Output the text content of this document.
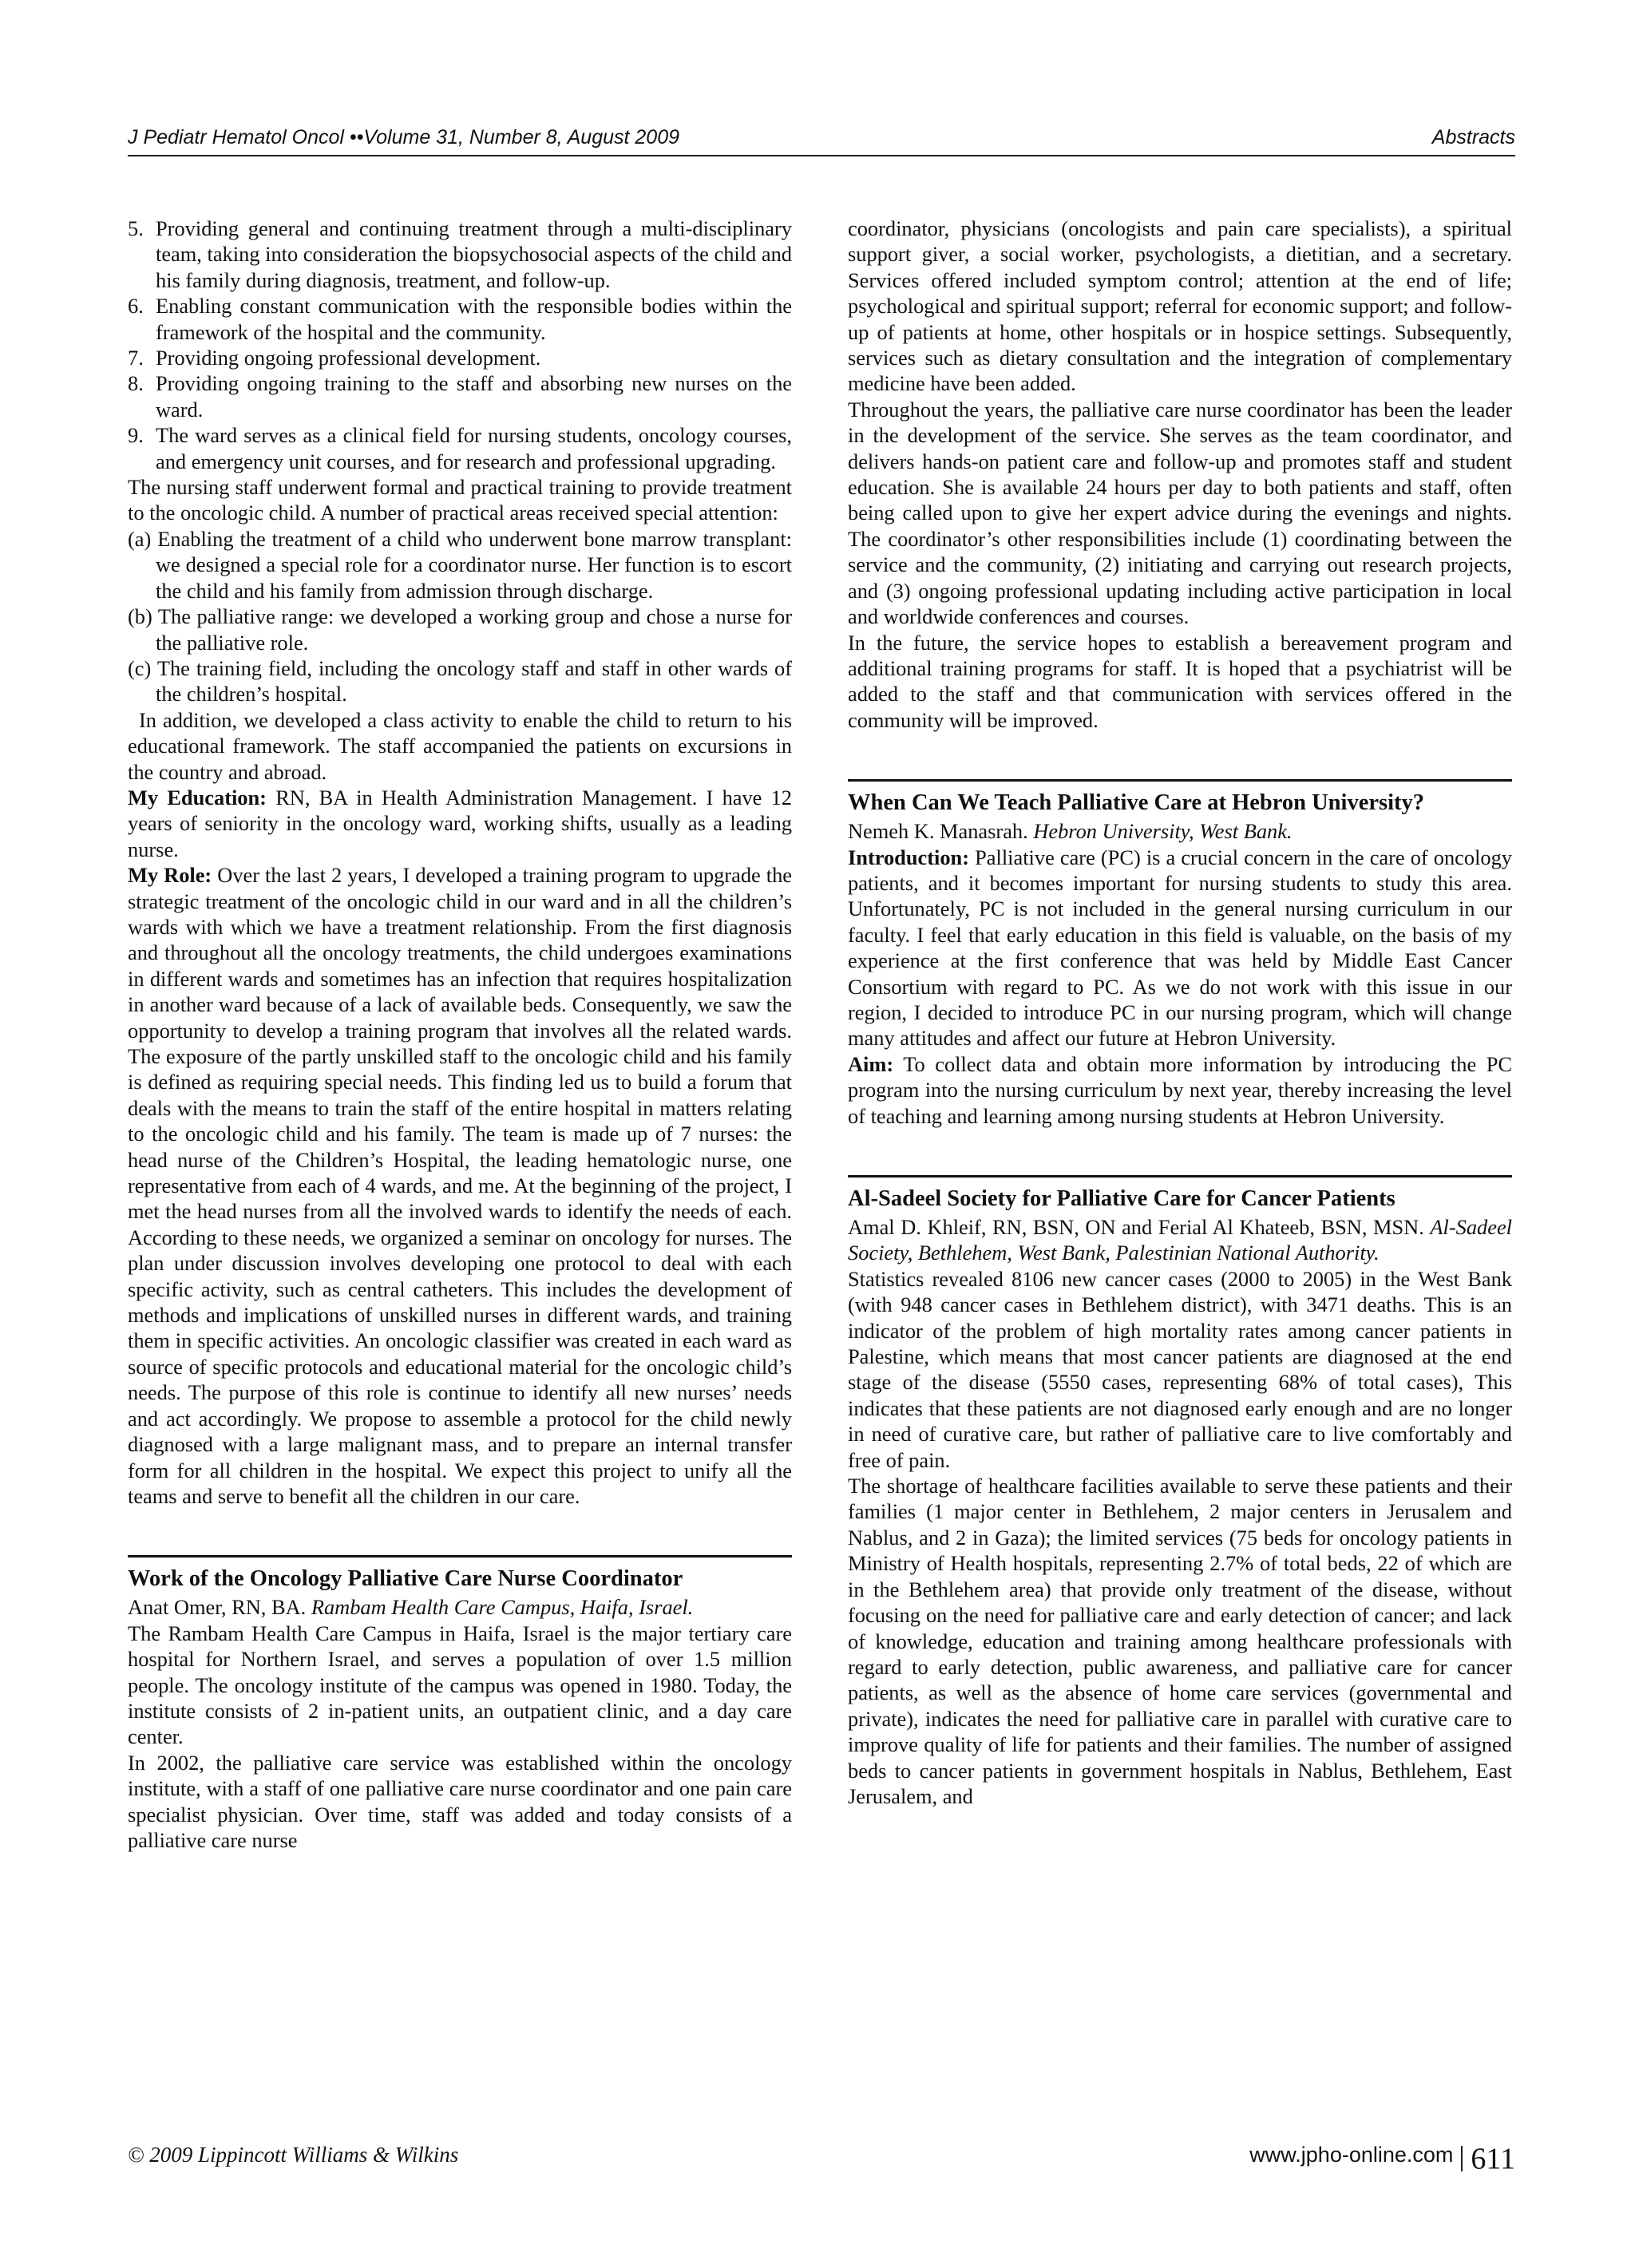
J Pediatr Hematol Oncol ••Volume 31, Number 8, August 2009	Abstracts
5. Providing general and continuing treatment through a multi-disciplinary team, taking into consideration the biopsychosocial aspects of the child and his family during diagnosis, treatment, and follow-up.
6. Enabling constant communication with the responsible bodies within the framework of the hospital and the community.
7. Providing ongoing professional development.
8. Providing ongoing training to the staff and absorbing new nurses on the ward.
9. The ward serves as a clinical field for nursing students, oncology courses, and emergency unit courses, and for research and professional upgrading.

The nursing staff underwent formal and practical training to provide treatment to the oncologic child. A number of practical areas received special attention:

(a) Enabling the treatment of a child who underwent bone marrow transplant: we designed a special role for a coordinator nurse. Her function is to escort the child and his family from admission through discharge.
(b) The palliative range: we developed a working group and chose a nurse for the palliative role.
(c) The training field, including the oncology staff and staff in other wards of the children’s hospital.

In addition, we developed a class activity to enable the child to return to his educational framework. The staff accompanied the patients on excursions in the country and abroad.

My Education: RN, BA in Health Administration Management. I have 12 years of seniority in the oncology ward, working shifts, usually as a leading nurse.

My Role: Over the last 2 years, I developed a training program to upgrade the strategic treatment of the oncologic child in our ward and in all the children’s wards with which we have a treatment relationship. From the first diagnosis and throughout all the oncology treatments, the child undergoes examinations in different wards and sometimes has an infection that requires hospitalization in another ward because of a lack of available beds. Consequently, we saw the opportunity to develop a training program that involves all the related wards. The exposure of the partly unskilled staff to the oncologic child and his family is defined as requiring special needs. This finding led us to build a forum that deals with the means to train the staff of the entire hospital in matters relating to the oncologic child and his family. The team is made up of 7 nurses: the head nurse of the Children’s Hospital, the leading hematologic nurse, one representative from each of 4 wards, and me. At the beginning of the project, I met the head nurses from all the involved wards to identify the needs of each. According to these needs, we organized a seminar on oncology for nurses. The plan under discussion involves developing one protocol to deal with each specific activity, such as central catheters. This includes the development of methods and implications of unskilled nurses in different wards, and training them in specific activities. An oncologic classifier was created in each ward as source of specific protocols and educational material for the oncologic child’s needs. The purpose of this role is continue to identify all new nurses’ needs and act accordingly. We propose to assemble a protocol for the child newly diagnosed with a large malignant mass, and to prepare an internal transfer form for all children in the hospital. We expect this project to unify all the teams and serve to benefit all the children in our care.

Work of the Oncology Palliative Care Nurse Coordinator

Anat Omer, RN, BA. Rambam Health Care Campus, Haifa, Israel.

The Rambam Health Care Campus in Haifa, Israel is the major tertiary care hospital for Northern Israel, and serves a population of over 1.5 million people. The oncology institute of the campus was opened in 1980. Today, the institute consists of 2 in-patient units, an outpatient clinic, and a day care center.

In 2002, the palliative care service was established within the oncology institute, with a staff of one palliative care nurse coordinator and one pain care specialist physician. Over time, staff was added and today consists of a palliative care nurse

coordinator, physicians (oncologists and pain care specialists), a spiritual support giver, a social worker, psychologists, a dietitian, and a secretary. Services offered included symptom control; attention at the end of life; psychological and spiritual support; referral for economic support; and follow-up of patients at home, other hospitals or in hospice settings. Subsequently, services such as dietary consultation and the integration of complementary medicine have been added.

Throughout the years, the palliative care nurse coordinator has been the leader in the development of the service. She serves as the team coordinator, and delivers hands-on patient care and follow-up and promotes staff and student education. She is available 24 hours per day to both patients and staff, often being called upon to give her expert advice during the evenings and nights. The coordinator’s other responsibilities include (1) coordinating between the service and the community, (2) initiating and carrying out research projects, and (3) ongoing professional updating including active participation in local and worldwide conferences and courses.

In the future, the service hopes to establish a bereavement program and additional training programs for staff. It is hoped that a psychiatrist will be added to the staff and that communication with services offered in the community will be improved.

When Can We Teach Palliative Care at Hebron University?

Nemeh K. Manasrah. Hebron University, West Bank.

Introduction: Palliative care (PC) is a crucial concern in the care of oncology patients, and it becomes important for nursing students to study this area. Unfortunately, PC is not included in the general nursing curriculum in our faculty. I feel that early education in this field is valuable, on the basis of my experience at the first conference that was held by Middle East Cancer Consortium with regard to PC. As we do not work with this issue in our region, I decided to introduce PC in our nursing program, which will change many attitudes and affect our future at Hebron University.

Aim: To collect data and obtain more information by introducing the PC program into the nursing curriculum by next year, thereby increasing the level of teaching and learning among nursing students at Hebron University.

Al-Sadeel Society for Palliative Care for Cancer Patients

Amal D. Khleif, RN, BSN, ON and Ferial Al Khateeb, BSN, MSN. Al-Sadeel Society, Bethlehem, West Bank, Palestinian National Authority.

Statistics revealed 8106 new cancer cases (2000 to 2005) in the West Bank (with 948 cancer cases in Bethlehem district), with 3471 deaths. This is an indicator of the problem of high mortality rates among cancer patients in Palestine, which means that most cancer patients are diagnosed at the end stage of the disease (5550 cases, representing 68% of total cases), This indicates that these patients are not diagnosed early enough and are no longer in need of curative care, but rather of palliative care to live comfortably and free of pain.

The shortage of healthcare facilities available to serve these patients and their families (1 major center in Bethlehem, 2 major centers in Jerusalem and Nablus, and 2 in Gaza); the limited services (75 beds for oncology patients in Ministry of Health hospitals, representing 2.7% of total beds, 22 of which are in the Bethlehem area) that provide only treatment of the disease, without focusing on the need for palliative care and early detection of cancer; and lack of knowledge, education and training among healthcare professionals with regard to early detection, public awareness, and palliative care for cancer patients, as well as the absence of home care services (governmental and private), indicates the need for palliative care in parallel with curative care to improve quality of life for patients and their families. The number of assigned beds to cancer patients in government hospitals in Nablus, Bethlehem, East Jerusalem, and

© 2009 Lippincott Williams & Wilkins	www.jpho-online.com 611
